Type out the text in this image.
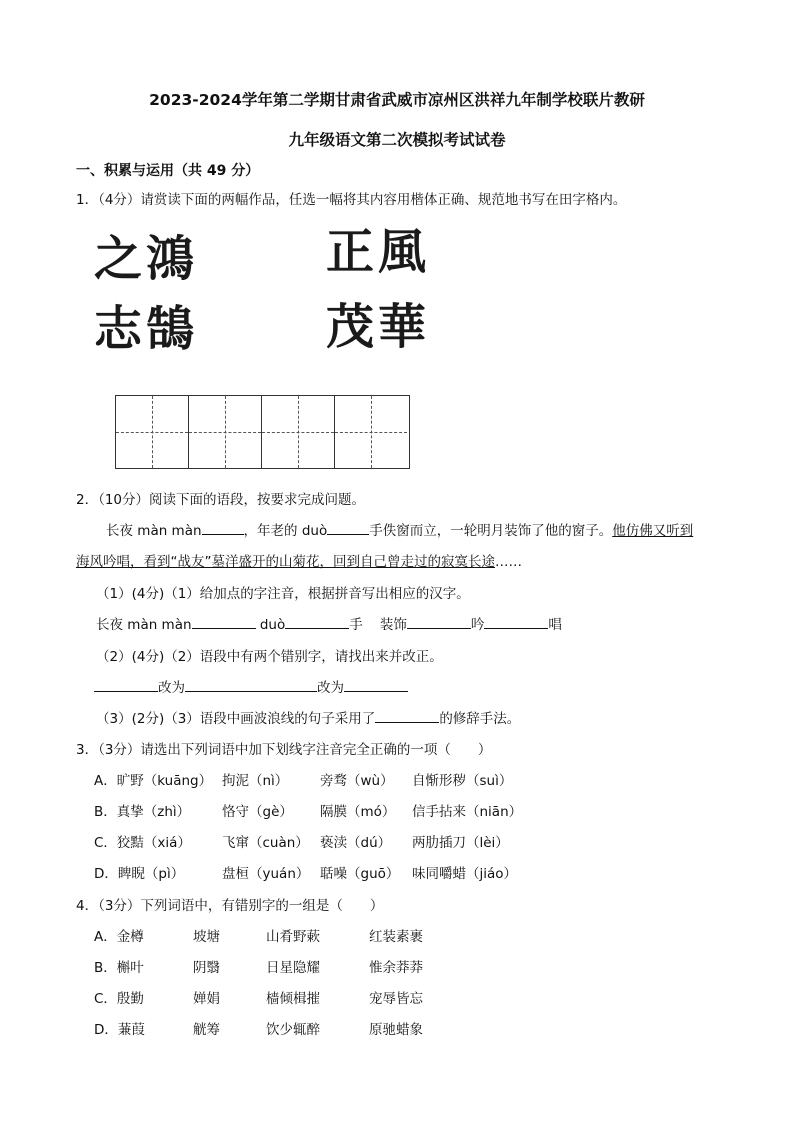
2023-2024学年第二学期甘肃省武威市凉州区洪祥九年制学校联片教研
九年级语文第二次模拟考试试卷
一、积累与运用（共 49 分）
1．（4分）请赏读下面的两幅作品，任选一幅将其内容用楷体正确、规范地书写在田字格内。
之鴻
志鵠
正風
茂華
2．（10分）阅读下面的语段，按要求完成问题。
长夜 màn màn	，年老的 duò	手佚窗而立，一轮明月装饰了他的窗子。他仿佛又听到
海风吟唱，看到“战友”墓洋盛开的山菊花，回到自己曾走过的寂寞长途……
（1）(4分)（1）给加点的字注音，根据拼音写出相应的汉字。
长夜 màn màn	duò	手 装饰	吟	唱
（2）(4分)（2）语段中有两个错别字，请找出来并改正。
改为	改为
（3）(2分)（3）语段中画波浪线的句子采用了	的修辞手法。
3．（3分）请选出下列词语中加下划线字注音完全正确的一项（　　）
A．旷野（kuāng） 拘泥（nì） 旁骛（wù） 自惭形秽（suì）
B．真挚（zhì） 恪守（gè） 隔膜（mó） 信手拈来（niān）
C．狡黠（xiá） 飞窜（cuàn） 亵渎（dú） 两肋插刀（lèi）
D．睥睨（pì）	盘桓（yuán） 聒噪（guō） 味同嚼蜡（jiáo）
4．（3分）下列词语中，有错别字的一组是（　　）
A．金樽	坡塘	山肴野蔌	红装素裹
B．槲叶	阴翳	日星隐耀	惟余莽莽
C．殷勤	婵娟	樯倾楫摧	宠辱皆忘
D．蒹葭	觥筹	饮少辄醉	原驰蜡象
